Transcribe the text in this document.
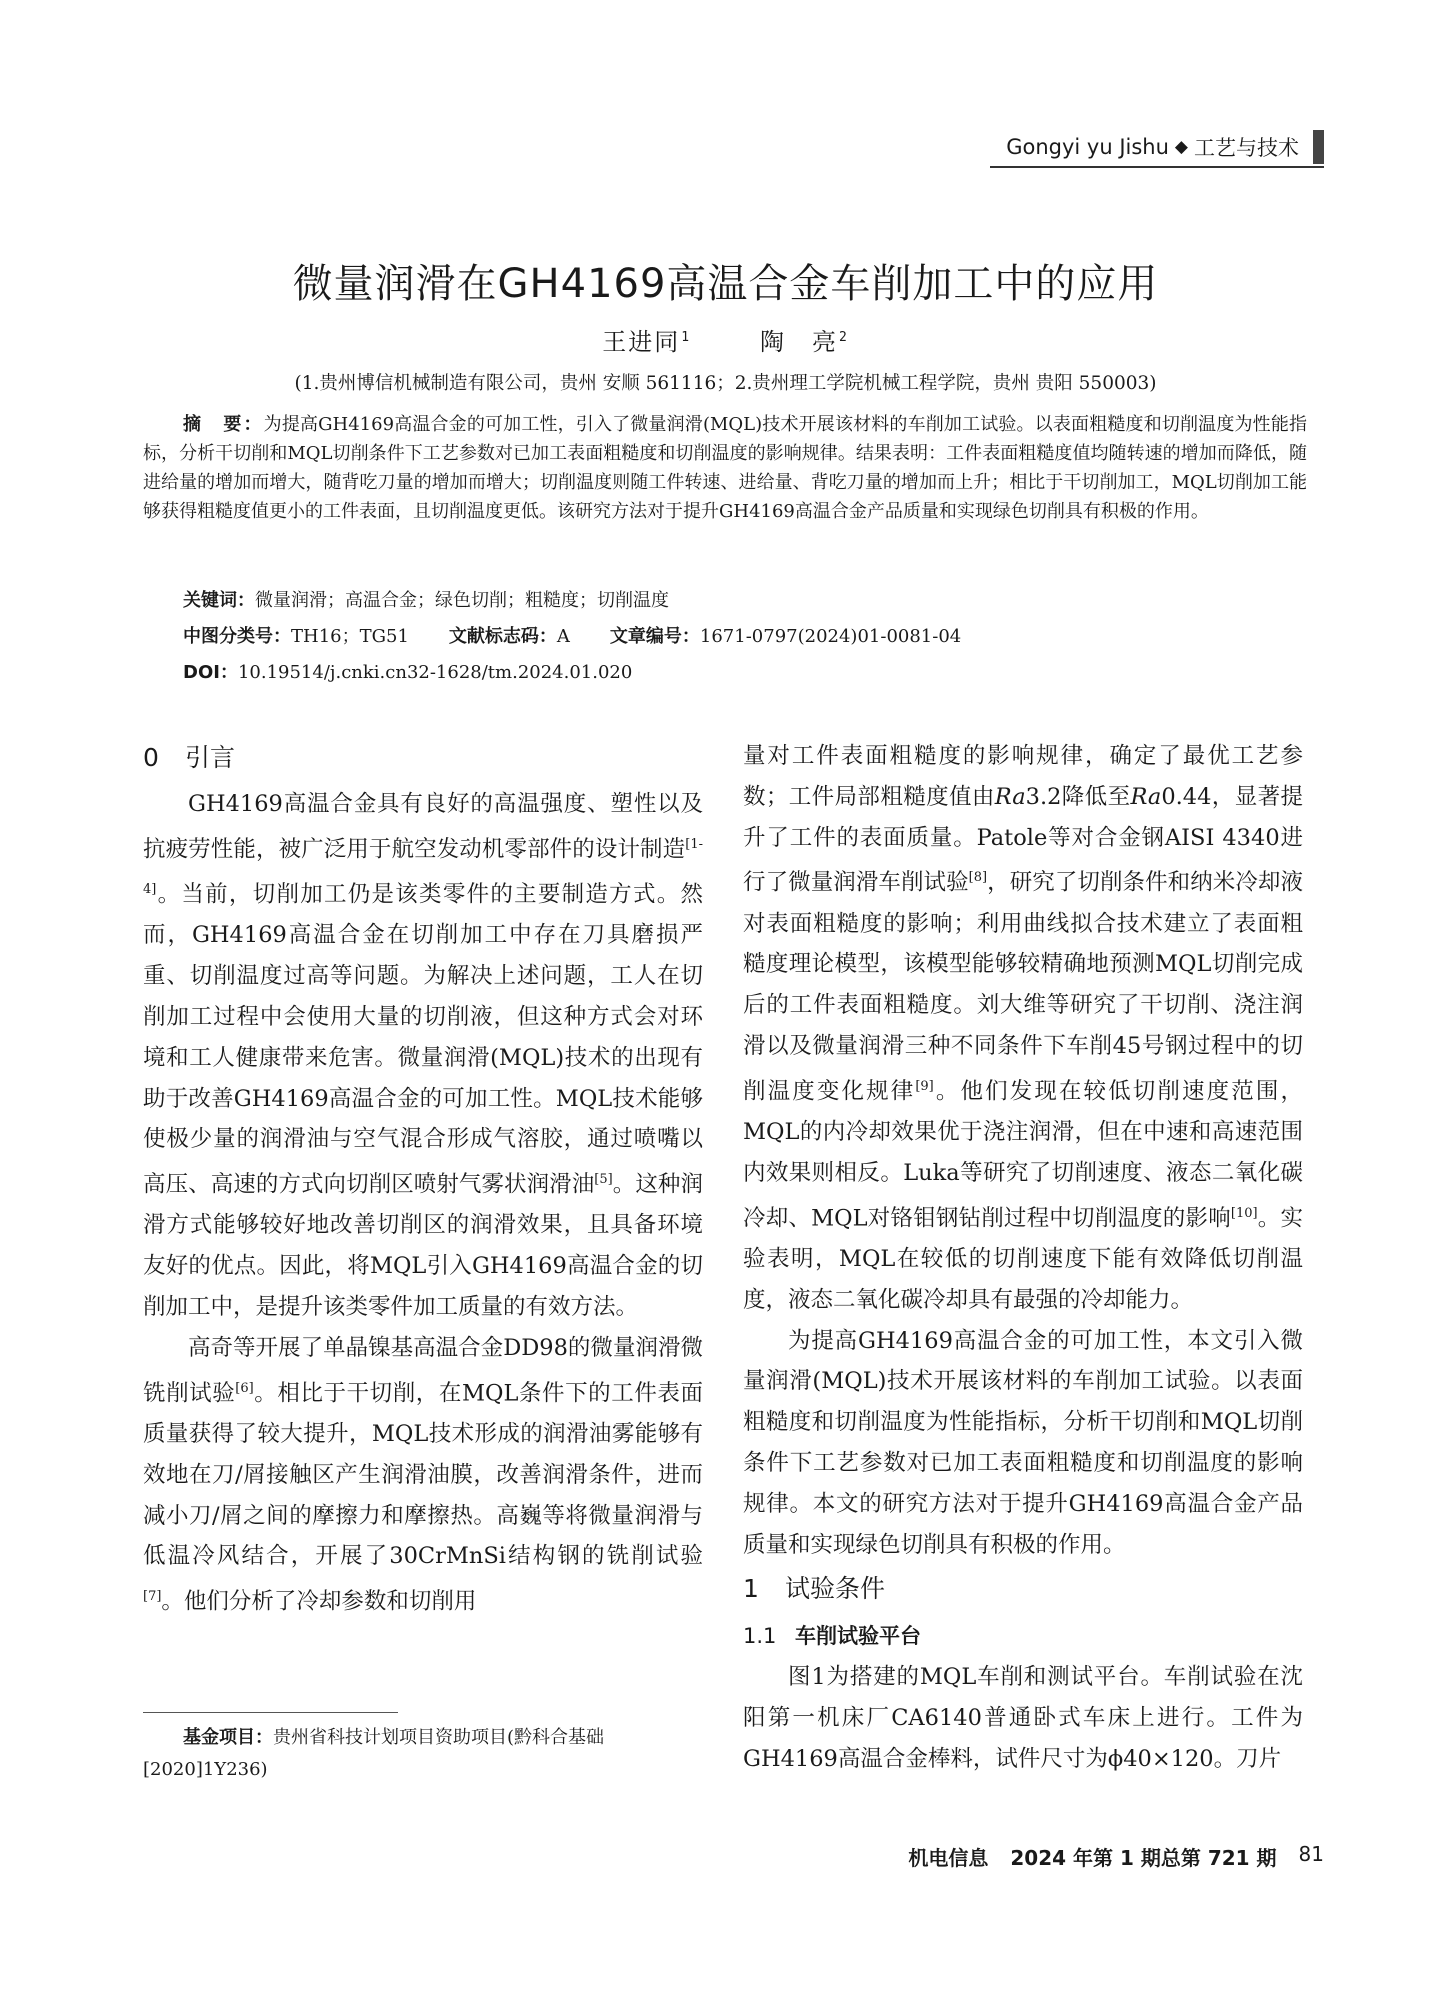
Gongyi yu Jishu ◆ 工艺与技术
微量润滑在GH4169高温合金车削加工中的应用
王进同$^1$	陶　亮$^2$
(1.贵州博信机械制造有限公司，贵州 安顺 561116；2.贵州理工学院机械工程学院，贵州 贵阳 550003)
摘　要：为提高GH4169高温合金的可加工性，引入了微量润滑(MQL)技术开展该材料的车削加工试验。以表面粗糙度和切削温度为性能指标，分析干切削和MQL切削条件下工艺参数对已加工表面粗糙度和切削温度的影响规律。结果表明：工件表面粗糙度值均随转速的增加而降低，随进给量的增加而增大，随背吃刀量的增加而增大；切削温度则随工件转速、进给量、背吃刀量的增加而上升；相比于干切削加工，MQL切削加工能够获得粗糙度值更小的工件表面，且切削温度更低。该研究方法对于提升GH4169高温合金产品质量和实现绿色切削具有积极的作用。
关键词：微量润滑；高温合金；绿色切削；粗糙度；切削温度
中图分类号：TH16；TG51 文献标志码：A 文章编号：1671-0797(2024)01-0081-04
DOI：10.19514/j.cnki.cn32-1628/tm.2024.01.020
0 引言

GH4169高温合金具有良好的高温强度、塑性以及抗疲劳性能，被广泛用于航空发动机零部件的设计制造[1-4]。当前，切削加工仍是该类零件的主要制造方式。然而，GH4169高温合金在切削加工中存在刀具磨损严重、切削温度过高等问题。为解决上述问题，工人在切削加工过程中会使用大量的切削液，但这种方式会对环境和工人健康带来危害。微量润滑(MQL)技术的出现有助于改善GH4169高温合金的可加工性。MQL技术能够使极少量的润滑油与空气混合形成气溶胶，通过喷嘴以高压、高速的方式向切削区喷射气雾状润滑油[5]。这种润滑方式能够较好地改善切削区的润滑效果，且具备环境友好的优点。因此，将MQL引入GH4169高温合金的切削加工中，是提升该类零件加工质量的有效方法。

高奇等开展了单晶镍基高温合金DD98的微量润滑微铣削试验[6]。相比于干切削，在MQL条件下的工件表面质量获得了较大提升，MQL技术形成的润滑油雾能够有效地在刀/屑接触区产生润滑油膜，改善润滑条件，进而减小刀/屑之间的摩擦力和摩擦热。高巍等将微量润滑与低温冷风结合，开展了30CrMnSi结构钢的铣削试验[7]。他们分析了冷却参数和切削用

量对工件表面粗糙度的影响规律，确定了最优工艺参数；工件局部粗糙度值由Ra3.2降低至Ra0.44，显著提升了工件的表面质量。Patole等对合金钢AISI 4340进行了微量润滑车削试验[8]，研究了切削条件和纳米冷却液对表面粗糙度的影响；利用曲线拟合技术建立了表面粗糙度理论模型，该模型能够较精确地预测MQL切削完成后的工件表面粗糙度。刘大维等研究了干切削、浇注润滑以及微量润滑三种不同条件下车削45号钢过程中的切削温度变化规律[9]。他们发现在较低切削速度范围，MQL的内冷却效果优于浇注润滑，但在中速和高速范围内效果则相反。Luka等研究了切削速度、液态二氧化碳冷却、MQL对铬钼钢钻削过程中切削温度的影响[10]。实验表明，MQL在较低的切削速度下能有效降低切削温度，液态二氧化碳冷却具有最强的冷却能力。

为提高GH4169高温合金的可加工性，本文引入微量润滑(MQL)技术开展该材料的车削加工试验。以表面粗糙度和切削温度为性能指标，分析干切削和MQL切削条件下工艺参数对已加工表面粗糙度和切削温度的影响规律。本文的研究方法对于提升GH4169高温合金产品质量和实现绿色切削具有积极的作用。

1 试验条件
1.1 车削试验平台

图1为搭建的MQL车削和测试平台。车削试验在沈阳第一机床厂CA6140普通卧式车床上进行。工件为GH4169高温合金棒料，试件尺寸为ϕ40×120。刀片

基金项目：贵州省科技计划项目资助项目(黔科合基础[2020]1Y236)
机电信息 2024 年第 1 期总第 721 期 81
